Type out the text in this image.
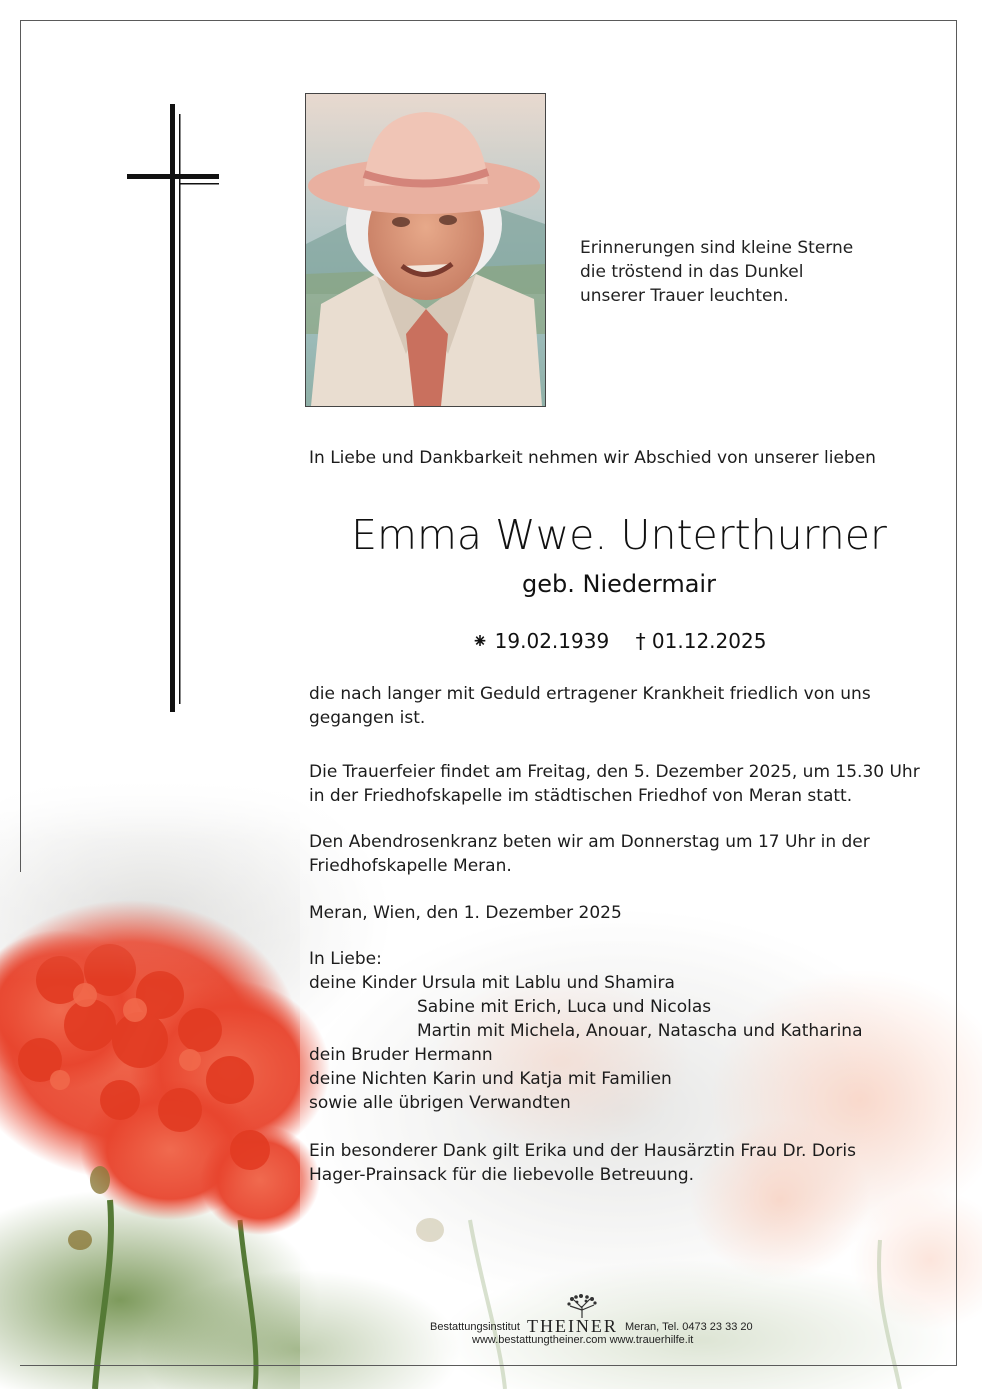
Erinnerungen sind kleine Sterne
die tröstend in das Dunkel
unserer Trauer leuchten.
In Liebe und Dankbarkeit nehmen wir Abschied von unserer lieben
Emma Wwe. Unterthurner
geb. Niedermair
⁕ 19.02.1939 † 01.12.2025
die nach langer mit Geduld ertragener Krankheit friedlich von uns
gegangen ist.
Die Trauerfeier findet am Freitag, den 5. Dezember 2025, um 15.30 Uhr
in der Friedhofskapelle im städtischen Friedhof von Meran statt.
Den Abendrosenkranz beten wir am Donnerstag um 17 Uhr in der
Friedhofskapelle Meran.
Meran, Wien, den 1. Dezember 2025
In Liebe:
deine Kinder Ursula mit Lablu und Shamira
Sabine mit Erich, Luca und Nicolas
Martin mit Michela, Anouar, Natascha und Katharina
dein Bruder Hermann
deine Nichten Karin und Katja mit Familien
sowie alle übrigen Verwandten
Ein besonderer Dank gilt Erika und der Hausärztin Frau Dr. Doris
Hager-Prainsack für die liebevolle Betreuung.
Bestattungsinstitut THEINER Meran, Tel. 0473 23 33 20
www.bestattungtheiner.com www.trauerhilfe.it
